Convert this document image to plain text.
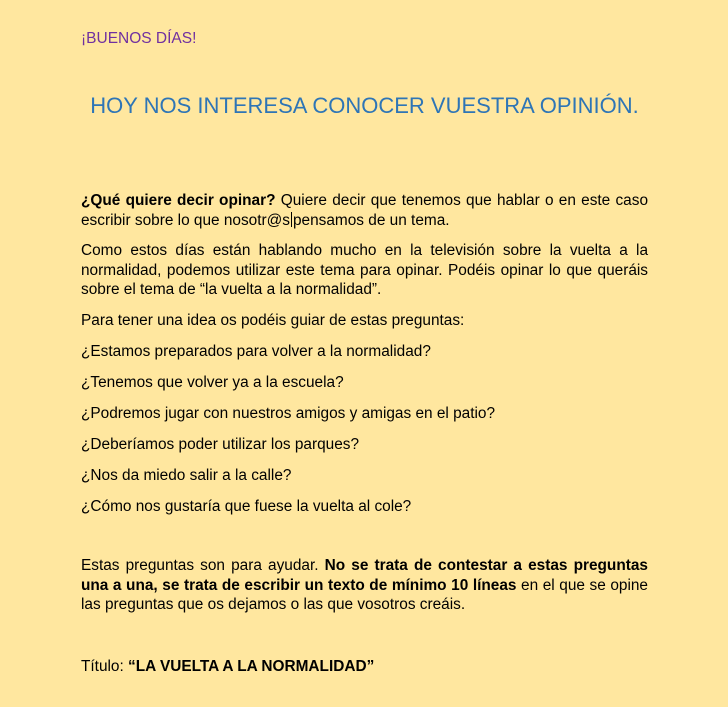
¡BUENOS DÍAS!
HOY NOS INTERESA CONOCER VUESTRA OPINIÓN.

¿Qué quiere decir opinar? Quiere decir que tenemos que hablar o en este caso escribir sobre lo que nosotr@s pensamos de un tema.

Como estos días están hablando mucho en la televisión sobre la vuelta a la normalidad, podemos utilizar este tema para opinar. Podéis opinar lo que queráis sobre el tema de “la vuelta a la normalidad”.

Para tener una idea os podéis guiar de estas preguntas:

¿Estamos preparados para volver a la normalidad?

¿Tenemos que volver ya a la escuela?

¿Podremos jugar con nuestros amigos y amigas en el patio?

¿Deberíamos poder utilizar los parques?

¿Nos da miedo salir a la calle?

¿Cómo nos gustaría que fuese la vuelta al cole?

Estas preguntas son para ayudar. No se trata de contestar a estas preguntas una a una, se trata de escribir un texto de mínimo 10 líneas en el que se opine las preguntas que os dejamos o las que vosotros creáis.

Título: “LA VUELTA A LA NORMALIDAD”
